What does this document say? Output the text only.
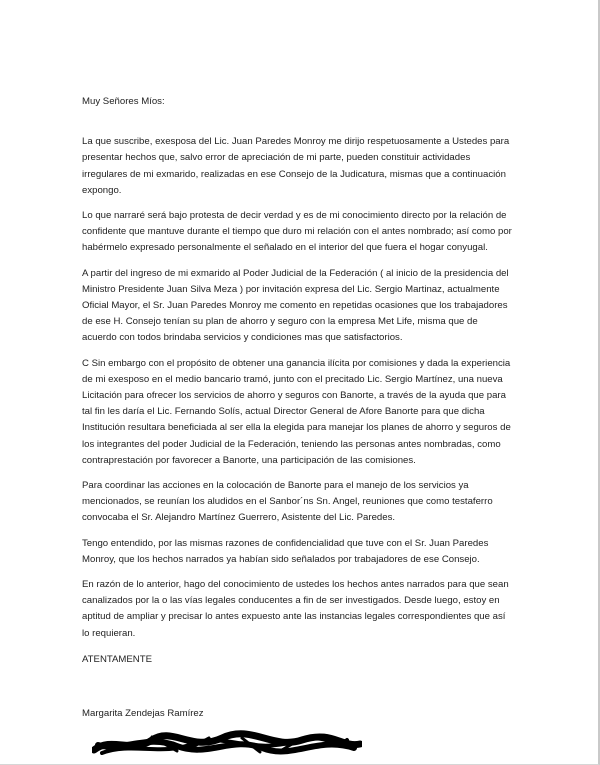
Muy Señores Míos:

La que suscribe, exesposa del Lic. Juan Paredes Monroy me dirijo respetuosamente a Ustedes para presentar hechos que, salvo error de apreciación de mi parte, pueden constituir actividades irregulares de mi exmarido, realizadas en ese Consejo de la Judicatura, mismas que a continuación expongo.

Lo que narraré será bajo protesta de decir verdad y es de mi conocimiento directo por la relación de confidente que mantuve durante el tiempo que duro mi relación con el antes nombrado; así como por habérmelo expresado personalmente el señalado en el interior del que fuera el hogar conyugal.

A partir del ingreso de mi exmarido al Poder Judicial de la Federación ( al inicio de la presidencia del Ministro Presidente Juan Silva Meza ) por invitación expresa del Lic. Sergio Martinaz, actualmente Oficial Mayor, el Sr. Juan Paredes Monroy me comento en repetidas ocasiones que los trabajadores de ese H. Consejo tenían su plan de ahorro y seguro con la empresa Met Life, misma que de acuerdo con todos brindaba servicios y condiciones mas que satisfactorios.

C Sin embargo con el propósito de obtener una ganancia ilícita por comisiones y dada la experiencia de mi exesposo en el medio bancario tramó, junto con el precitado Lic. Sergio Martínez, una nueva Licitación para ofrecer los servicios de ahorro y seguros con Banorte, a través de la ayuda que para tal fin les daría el Lic. Fernando Solís, actual Director General de Afore Banorte para que dicha Institución resultara beneficiada al ser ella la elegida para manejar los planes de ahorro y seguros de los integrantes del poder Judicial de la Federación, teniendo las personas antes nombradas, como contraprestación por favorecer a Banorte, una participación de las comisiones.

Para coordinar las acciones en la colocación de Banorte para el manejo de los servicios ya mencionados, se reunían los aludidos en el Sanbor´ns Sn. Angel, reuniones que como testaferro convocaba el Sr. Alejandro Martínez Guerrero, Asistente del Lic. Paredes.

Tengo entendido, por las mismas razones de confidencialidad que tuve con el Sr. Juan Paredes Monroy, que los hechos narrados ya habían sido señalados por trabajadores de ese Consejo.

En razón de lo anterior, hago del conocimiento de ustedes los hechos antes narrados para que sean canalizados por la o las vías legales conducentes a fin de ser investigados. Desde luego, estoy en aptitud de ampliar y precisar lo antes expuesto ante las instancias legales correspondientes que así lo requieran.

ATENTAMENTE

Margarita Zendejas Ramírez
